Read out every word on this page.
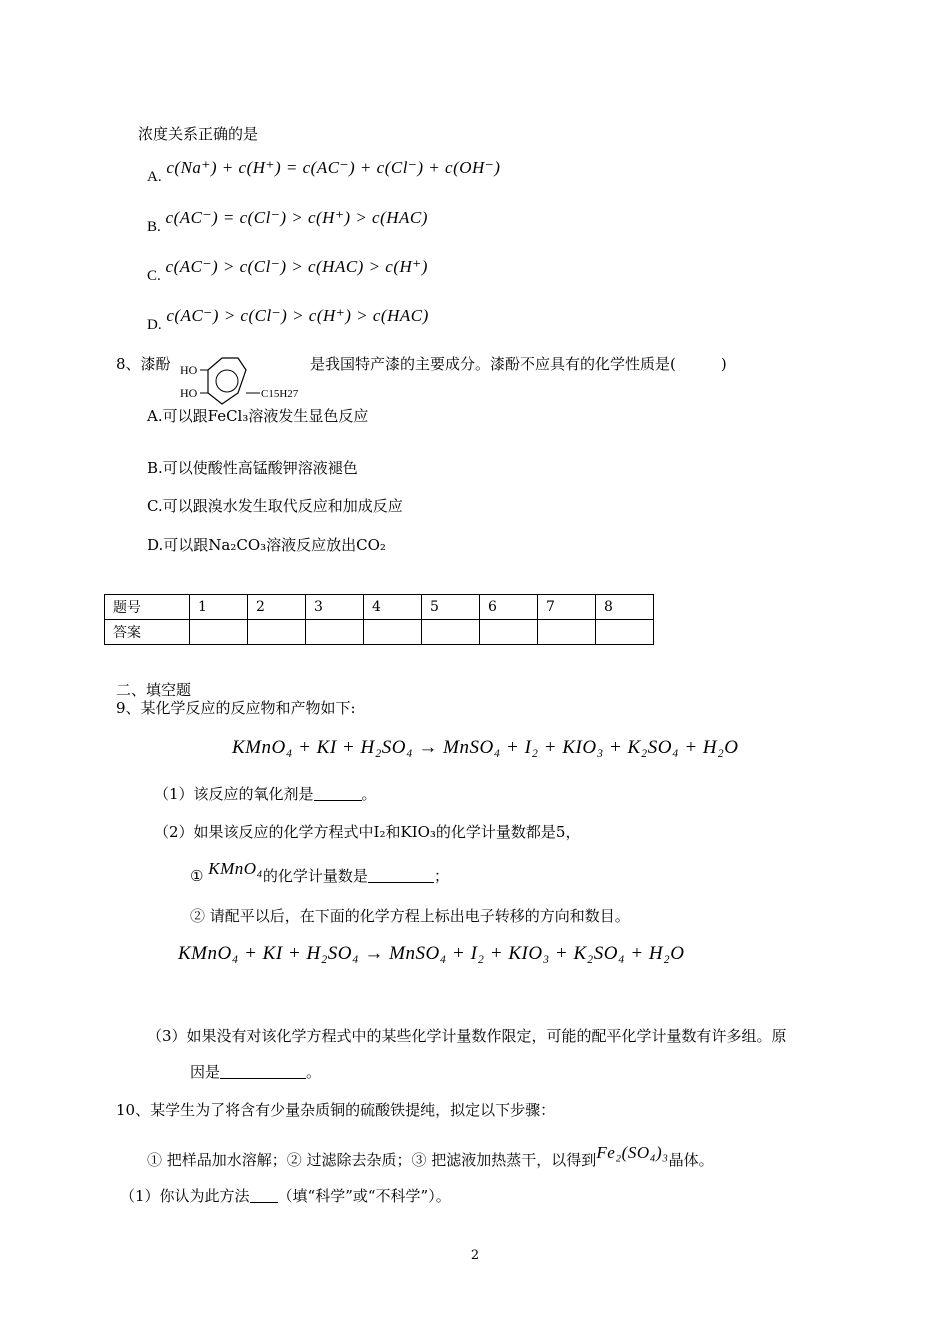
浓度关系正确的是
A. c(Na⁺) + c(H⁺) = c(AC⁻) + c(Cl⁻) + c(OH⁻)
B. c(AC⁻) = c(Cl⁻) > c(H⁺) > c(HAC)
C. c(AC⁻) > c(Cl⁻) > c(HAC) > c(H⁺)
D. c(AC⁻) > c(Cl⁻) > c(H⁺) > c(HAC)
8、漆酚 HO
HO	C15H27
是我国特产漆的主要成分。漆酚不应具有的化学性质是(　　　)
A.可以跟FeCl₃溶液发生显色反应
B.可以使酸性高锰酸钾溶液褪色
C.可以跟溴水发生取代反应和加成反应
D.可以跟Na₂CO₃溶液反应放出CO₂
题号	1	2	3	4	5	6	7	8
答案								
二、填空题
9、某化学反应的反应物和产物如下:
KMnO₄ + KI + H₂SO₄ → MnSO₄ + I₂ + KIO₃ + K₂SO₄ + H₂O
（1）该反应的氧化剂是	。
（2）如果该反应的化学方程式中I₂和KIO₃的化学计量数都是5，
① KMnO₄的化学计量数是	；
② 请配平以后，在下面的化学方程上标出电子转移的方向和数目。
KMnO₄ + KI + H₂SO₄ → MnSO₄ + I₂ + KIO₃ + K₂SO₄ + H₂O
（3）如果没有对该化学方程式中的某些化学计量数作限定，可能的配平化学计量数有许多组。原
因是	。
10、某学生为了将含有少量杂质铜的硫酸铁提纯，拟定以下步骤：
① 把样品加水溶解；② 过滤除去杂质；③ 把滤液加热蒸干，以得到Fe₂(SO₄)₃晶体。
（1）你认为此方法 （填“科学”或“不科学”）。
2
